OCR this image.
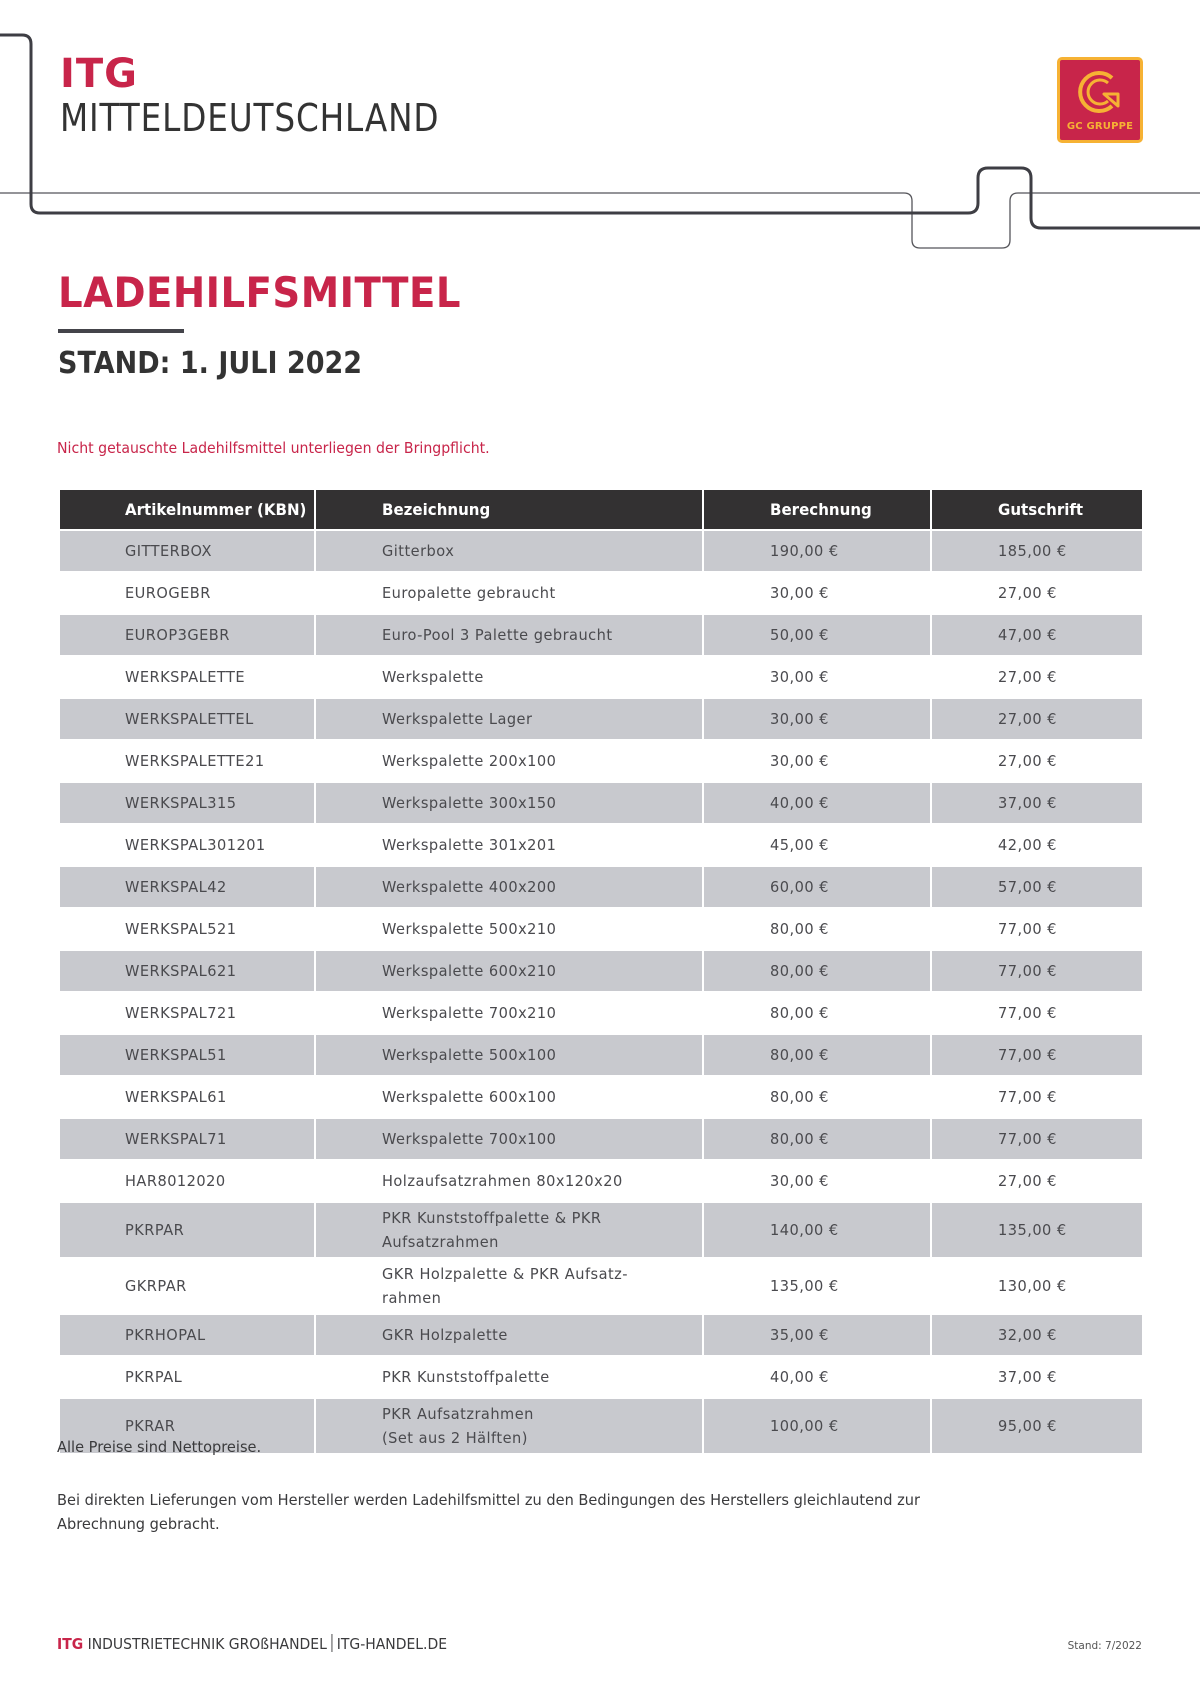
ITG
MITTELDEUTSCHLAND	GC GRUPPE
LADEHILFSMITTEL
STAND: 1. JULI 2022
Nicht getauschte Ladehilfsmittel unterliegen der Bringpflicht.
Artikelnummer (KBN)	Bezeichnung	Berechnung	Gutschrift
GITTERBOX	Gitterbox	190,00 €	185,00 €
EUROGEBR	Europalette gebraucht	30,00 €	27,00 €
EUROP3GEBR	Euro-Pool 3 Palette gebraucht	50,00 €	47,00 €
WERKSPALETTE	Werkspalette	30,00 €	27,00 €
WERKSPALETTEL	Werkspalette Lager	30,00 €	27,00 €
WERKSPALETTE21	Werkspalette 200x100	30,00 €	27,00 €
WERKSPAL315	Werkspalette 300x150	40,00 €	37,00 €
WERKSPAL301201	Werkspalette 301x201	45,00 €	42,00 €
WERKSPAL42	Werkspalette 400x200	60,00 €	57,00 €
WERKSPAL521	Werkspalette 500x210	80,00 €	77,00 €
WERKSPAL621	Werkspalette 600x210	80,00 €	77,00 €
WERKSPAL721	Werkspalette 700x210	80,00 €	77,00 €
WERKSPAL51	Werkspalette 500x100	80,00 €	77,00 €
WERKSPAL61	Werkspalette 600x100	80,00 €	77,00 €
WERKSPAL71	Werkspalette 700x100	80,00 €	77,00 €
HAR8012020	Holzaufsatzrahmen 80x120x20	30,00 €	27,00 €
PKRPAR	PKR Kunststoffpalette & PKR
Aufsatzrahmen	140,00 €	135,00 €
GKRPAR	GKR Holzpalette & PKR Aufsatz-
rahmen	135,00 €	130,00 €
PKRHOPAL	GKR Holzpalette	35,00 €	32,00 €
PKRPAL	PKR Kunststoffpalette	40,00 €	37,00 €
PKRAR	PKR Aufsatzrahmen
(Set aus 2 Hälften)	100,00 €	95,00 €
Alle Preise sind Nettopreise.
Bei direkten Lieferungen vom Hersteller werden Ladehilfsmittel zu den Bedingungen des Herstellers gleichlautend zur Abrechnung gebracht.
ITG INDUSTRIETECHNIK GROßHANDEL ITG-HANDEL.DE	Stand: 7/2022
